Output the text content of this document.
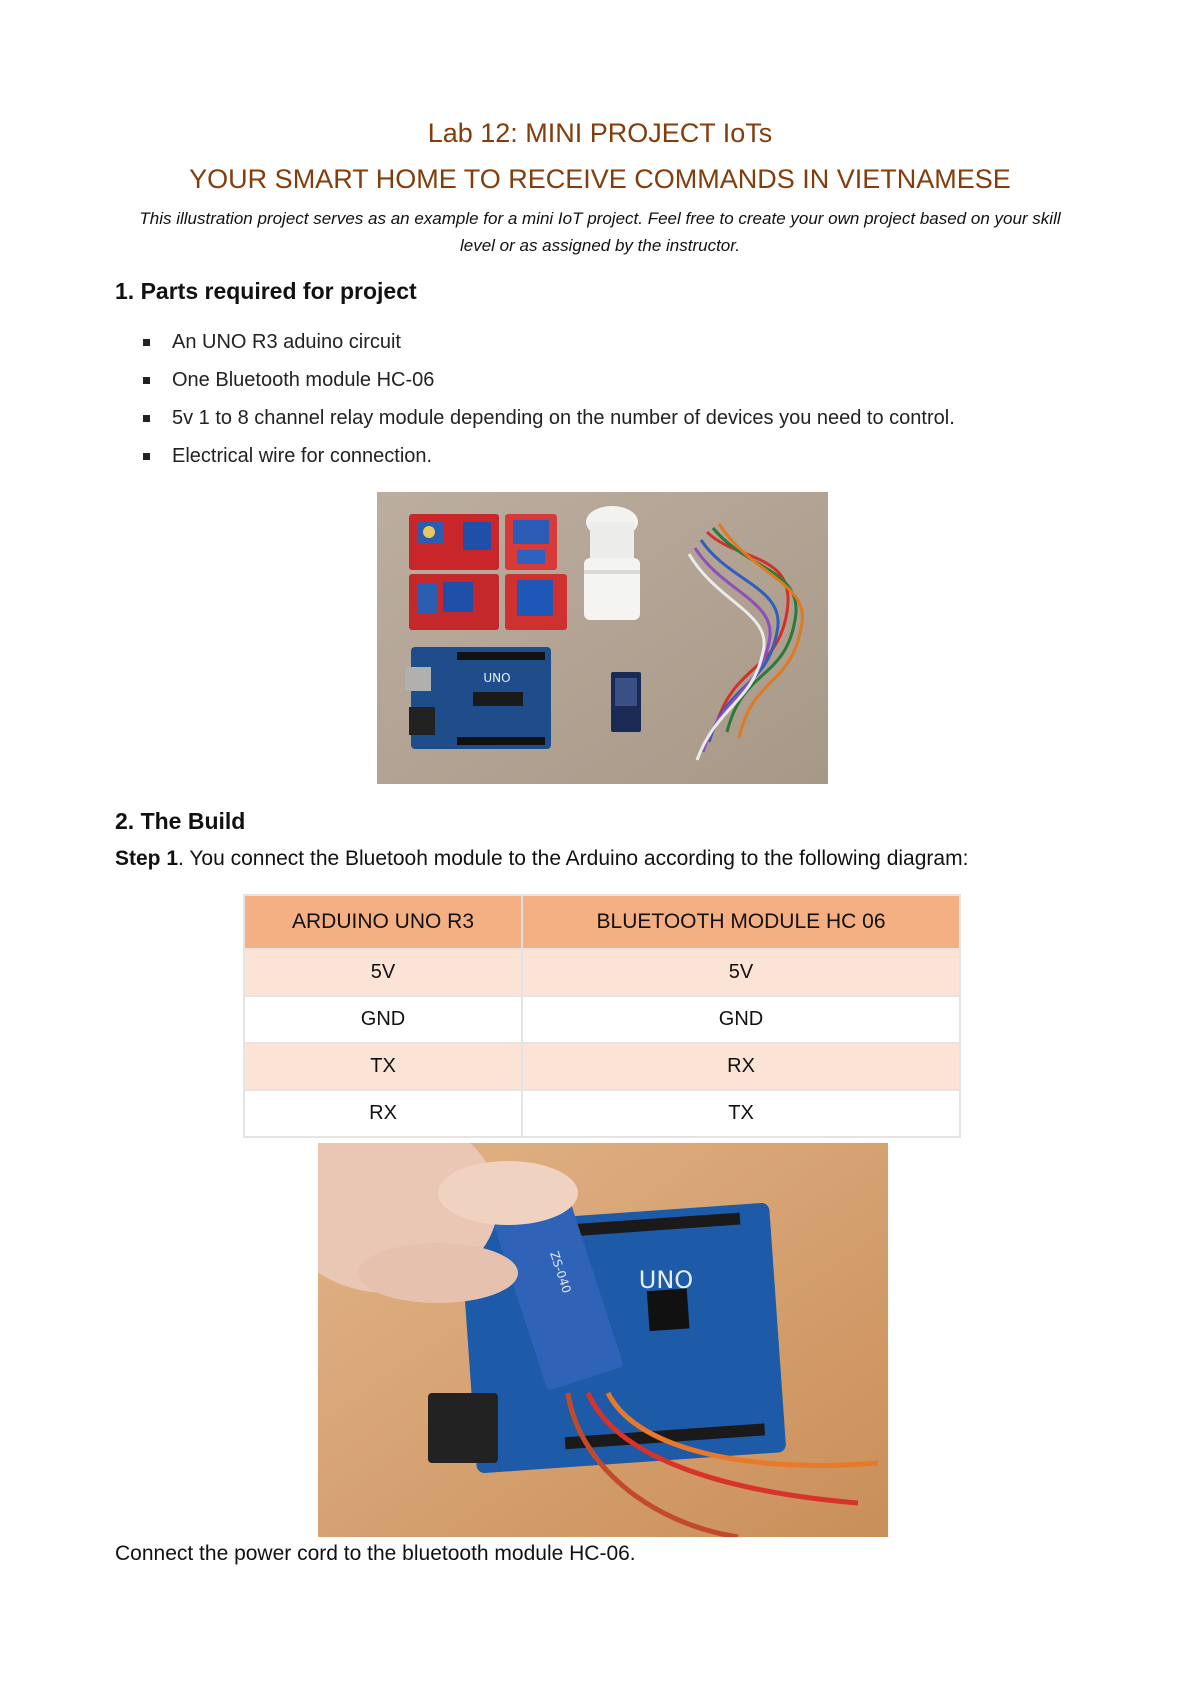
Lab 12: MINI PROJECT IoTs
YOUR SMART HOME TO RECEIVE COMMANDS IN VIETNAMESE

This illustration project serves as an example for a mini IoT project. Feel free to create your own project based on your skill level or as assigned by the instructor.

1. Parts required for project
An UNO R3 aduino circuit
One Bluetooth module HC-06
5v 1 to 8 channel relay module depending on the number of devices you need to control.
Electrical wire for connection.
UNO
2. The Build

Step 1. You connect the Bluetooh module to the Arduino according to the following diagram:

ARDUINO UNO R3	BLUETOOTH MODULE HC 06
5V	5V
GND	GND
TX	RX
RX	TX
UNO
ZS-040

Connect the power cord to the bluetooth module HC-06.
